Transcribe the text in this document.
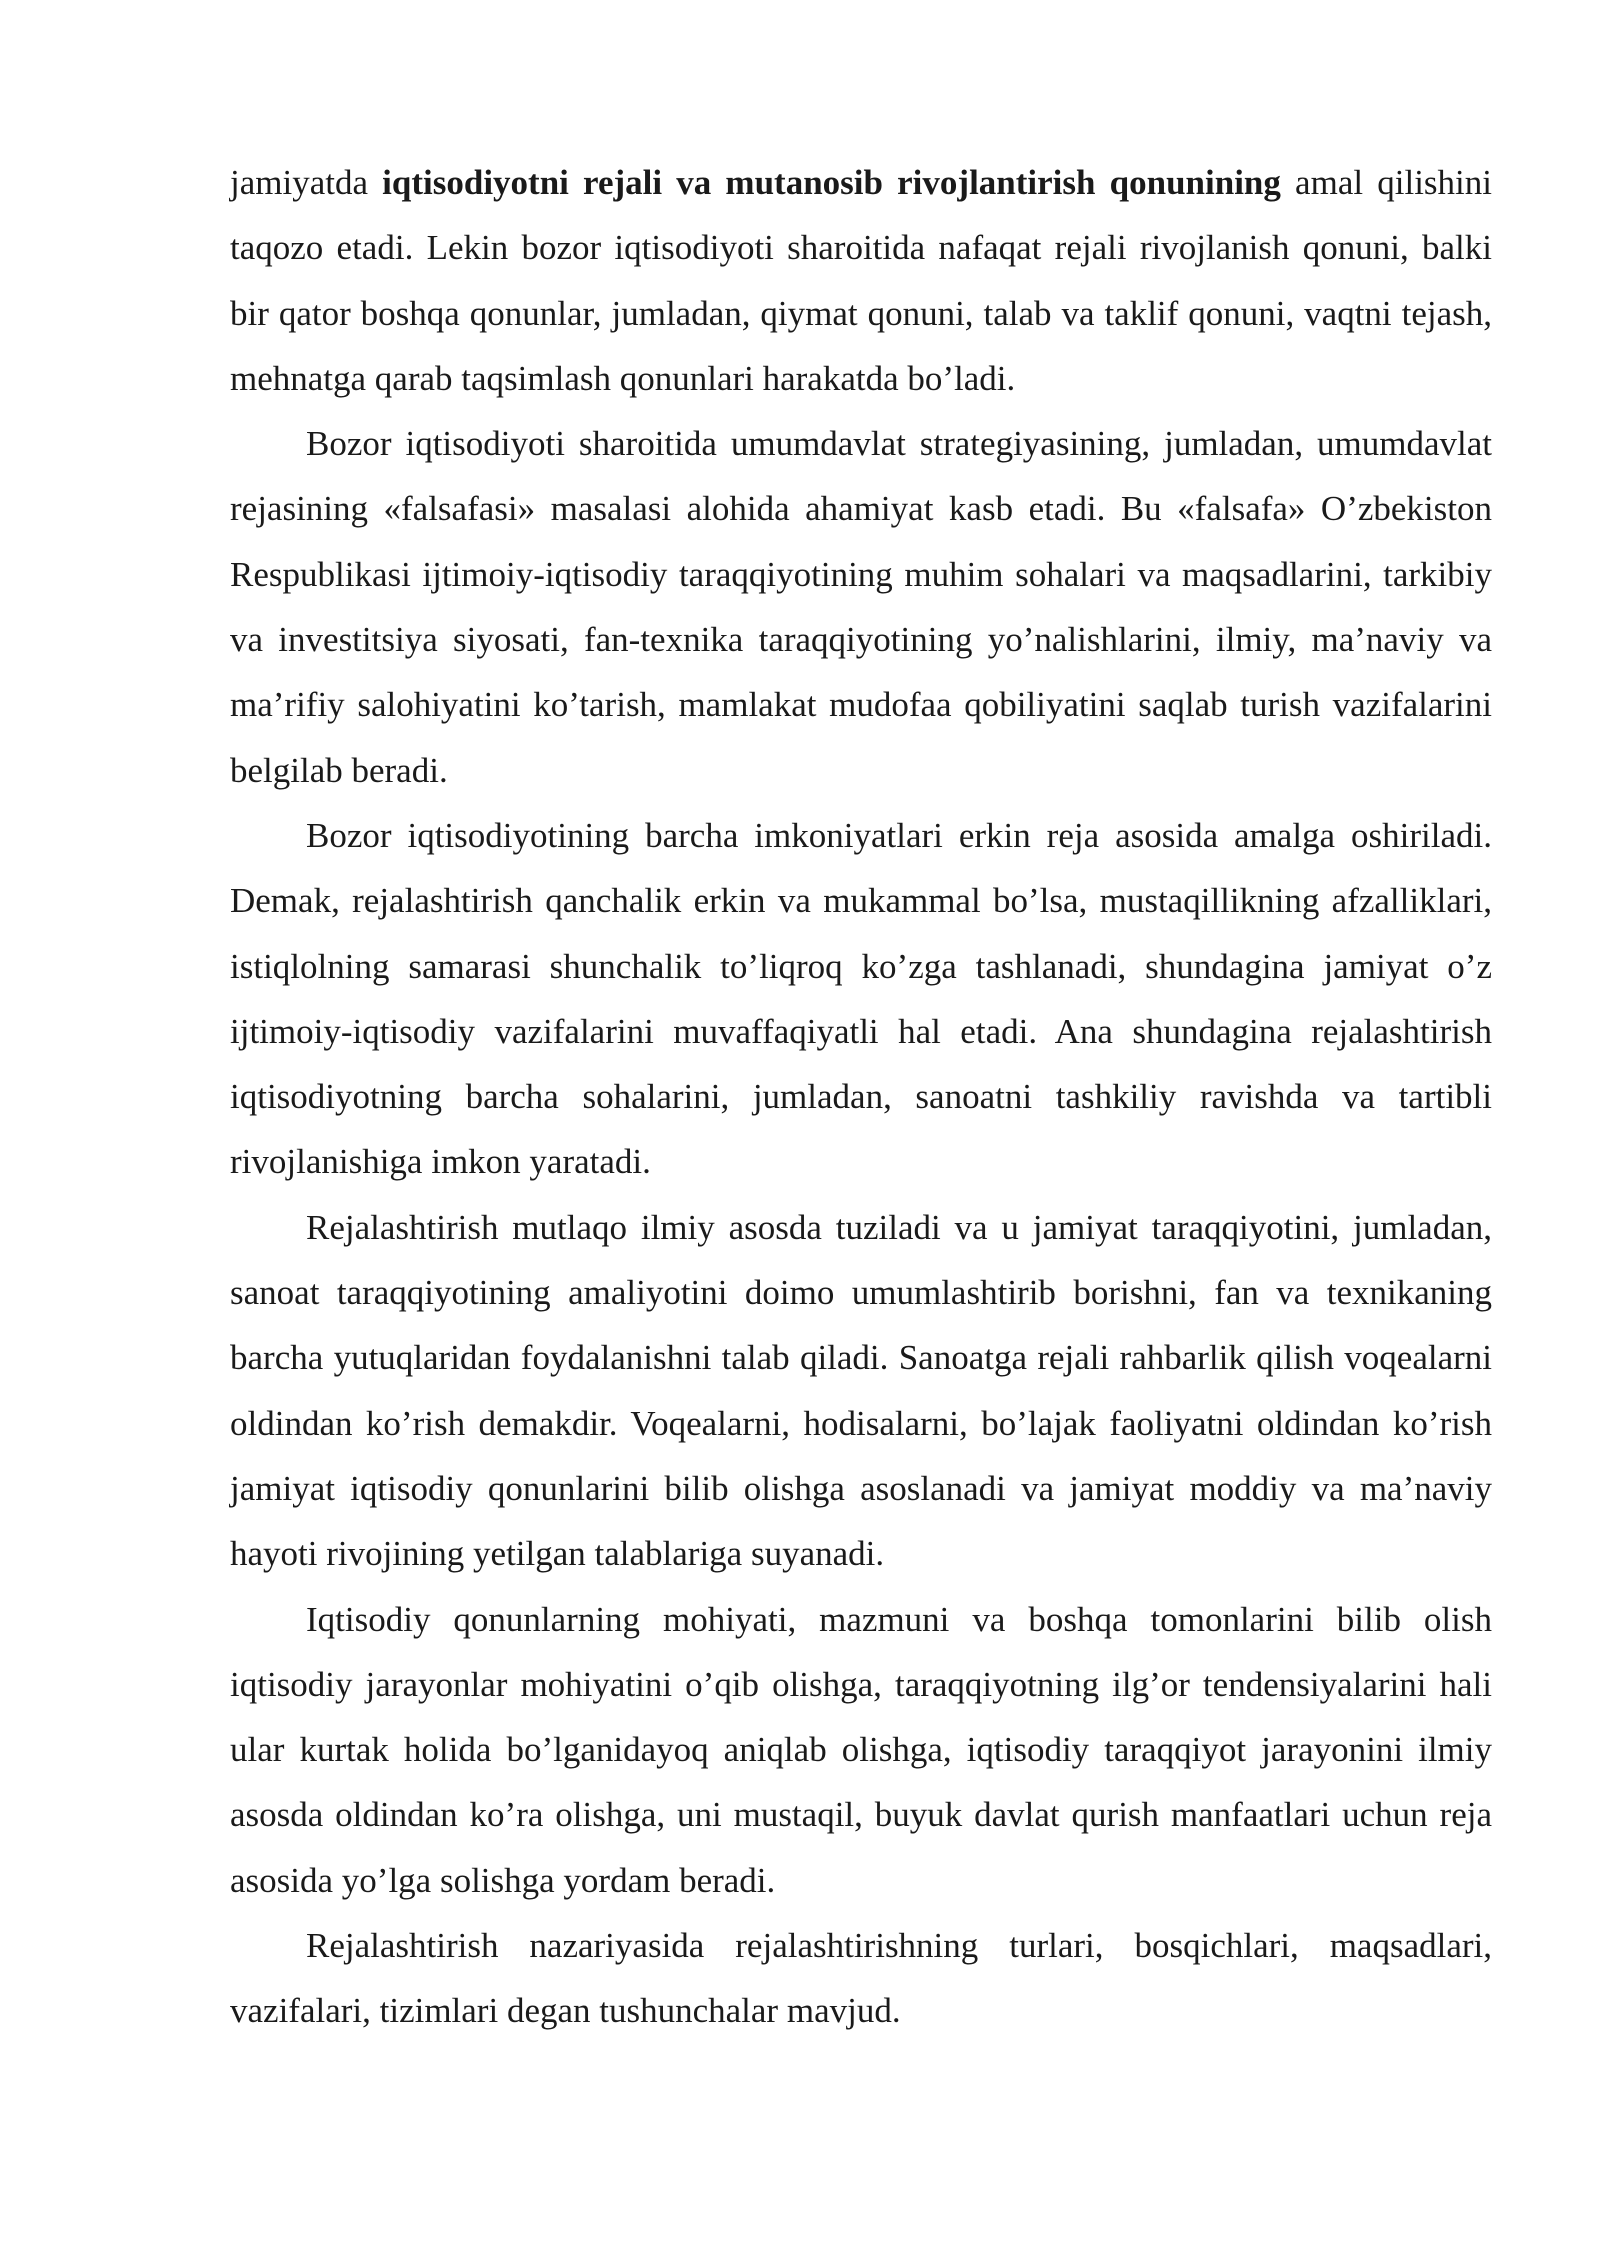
jamiyatda iqtisodiyotni rejali va mutanosib rivojlantirish qonunining amal qilishini taqozo etadi. Lekin bozor iqtisodiyoti sharoitida nafaqat rejali rivojlanish qonuni, balki bir qator boshqa qonunlar, jumladan, qiymat qonuni, talab va taklif qonuni, vaqtni tejash, mehnatga qarab taqsimlash qonunlari harakatda bo’ladi.

Bozor iqtisodiyoti sharoitida umumdavlat strategiyasining, jumladan, umumdavlat rejasining «falsafasi» masalasi alohida ahamiyat kasb etadi. Bu «falsafa» O’zbekiston Respublikasi ijtimoiy-iqtisodiy taraqqiyotining muhim sohalari va maqsadlarini, tarkibiy va investitsiya siyosati, fan-texnika taraqqiyotining yo’nalishlarini, ilmiy, ma’naviy va ma’rifiy salohiyatini ko’tarish, mamlakat mudofaa qobiliyatini saqlab turish vazifalarini belgilab beradi.

Bozor iqtisodiyotining barcha imkoniyatlari erkin reja asosida amalga oshiriladi. Demak, rejalashtirish qanchalik erkin va mukammal bo’lsa, mustaqillikning afzalliklari, istiqlolning samarasi shunchalik to’liqroq ko’zga tashlanadi, shundagina jamiyat o’z ijtimoiy-iqtisodiy vazifalarini muvaffaqiyatli hal etadi. Ana shundagina rejalashtirish iqtisodiyotning barcha sohalarini, jumladan, sanoatni tashkiliy ravishda va tartibli rivojlanishiga imkon yaratadi.

Rejalashtirish mutlaqo ilmiy asosda tuziladi va u jamiyat taraqqiyotini, jumladan, sanoat taraqqiyotining amaliyotini doimo umumlashtirib borishni, fan va texnikaning barcha yutuqlaridan foydalanishni talab qiladi. Sanoatga rejali rahbarlik qilish voqealarni oldindan ko’rish demakdir. Voqealarni, hodisalarni, bo’lajak faoliyatni oldindan ko’rish jamiyat iqtisodiy qonunlarini bilib olishga asoslanadi va jamiyat moddiy va ma’naviy hayoti rivojining yetilgan talablariga suyanadi.

Iqtisodiy qonunlarning mohiyati, mazmuni va boshqa tomonlarini bilib olish iqtisodiy jarayonlar mohiyatini o’qib olishga, taraqqiyotning ilg’or tendensiyalarini hali ular kurtak holida bo’lganidayoq aniqlab olishga, iqtisodiy taraqqiyot jarayonini ilmiy asosda oldindan ko’ra olishga, uni mustaqil, buyuk davlat qurish manfaatlari uchun reja asosida yo’lga solishga yordam beradi.

Rejalashtirish nazariyasida rejalashtirishning turlari, bosqichlari, maqsadlari, vazifalari, tizimlari degan tushunchalar mavjud.
